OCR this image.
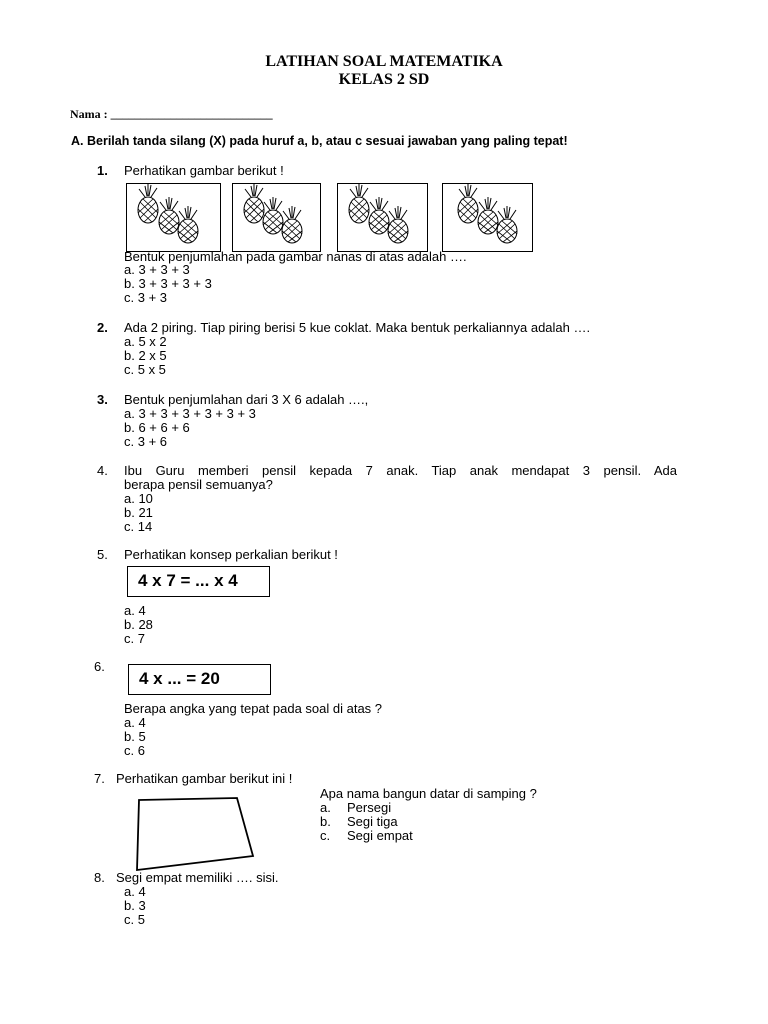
LATIHAN SOAL MATEMATIKA
KELAS 2 SD
Nama : ___________________________
A. Berilah tanda silang (X) pada huruf a, b, atau c sesuai jawaban yang paling tepat!
1. Perhatikan gambar berikut !
Bentuk penjumlahan pada gambar nanas di atas adalah ….
a. 3 + 3 + 3
b. 3 + 3 + 3 + 3
c. 3 + 3
2. Ada 2 piring. Tiap piring berisi 5 kue coklat. Maka bentuk perkaliannya adalah ….
a. 5 x 2
b. 2 x 5
c. 5 x 5
3. Bentuk penjumlahan dari 3 X 6 adalah ….,
a. 3 + 3 + 3 + 3 + 3 + 3
b. 6 + 6 + 6
c. 3 + 6
4. Ibu Guru memberi pensil kepada 7 anak. Tiap anak mendapat 3 pensil. Ada
berapa pensil semuanya?
a. 10
b. 21
c. 14
5. Perhatikan konsep perkalian berikut !
4 x 7 = ... x 4
a. 4
b. 28
c. 7
6.
4 x ... = 20
Berapa angka yang tepat pada soal di atas ?
a. 4
b. 5
c. 6
7. Perhatikan gambar berikut ini !
Apa nama bangun datar di samping ?
a. Persegi
b. Segi tiga
c. Segi empat
8. Segi empat memiliki …. sisi.
a. 4
b. 3
c. 5
